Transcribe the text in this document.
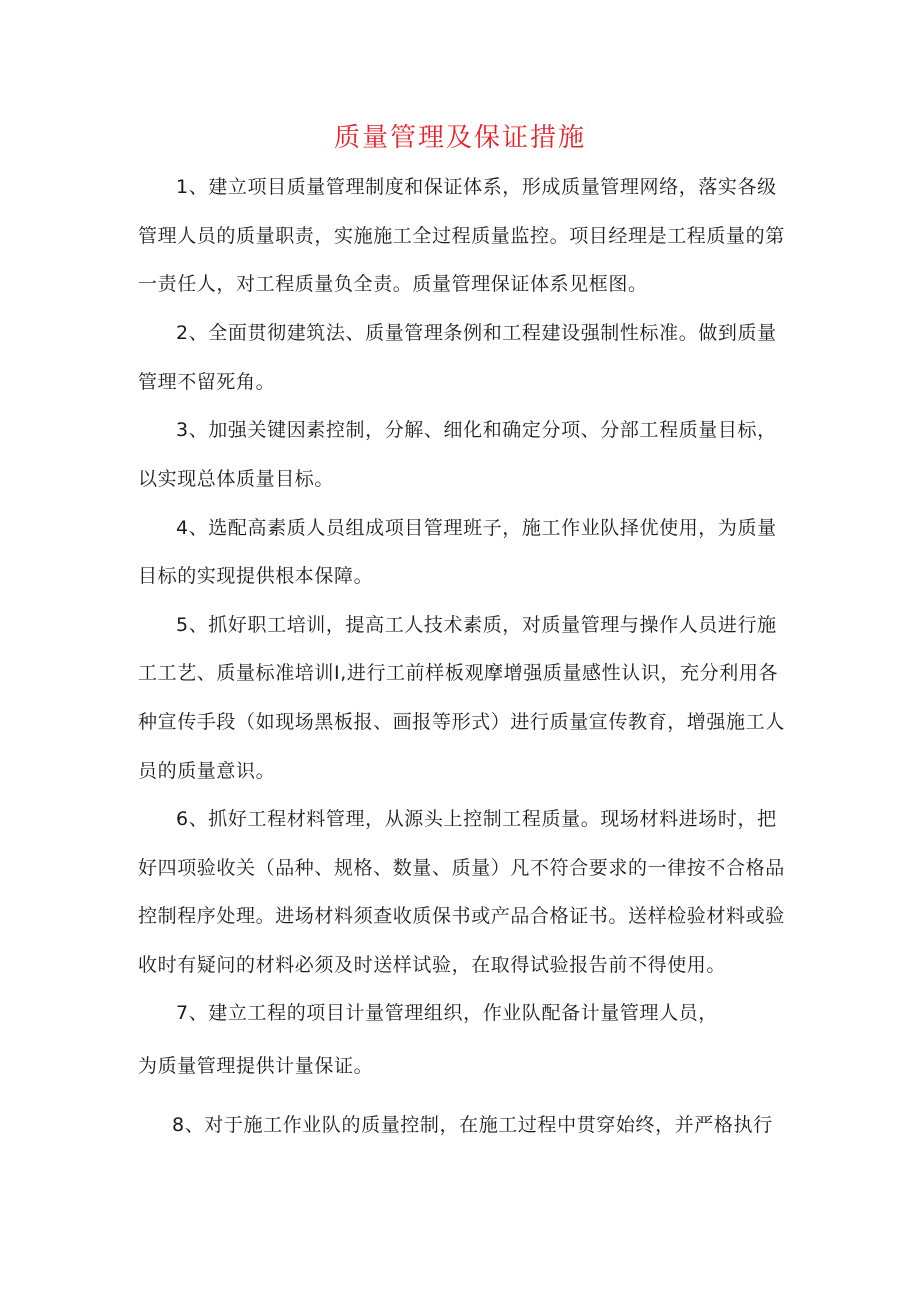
质量管理及保证措施
1、建立项目质量管理制度和保证体系，形成质量管理网络，落实各级
管理人员的质量职责，实施施工全过程质量监控。项目经理是工程质量的第
一责任人，对工程质量负全责。质量管理保证体系见框图。
2、全面贯彻建筑法、质量管理条例和工程建设强制性标准。做到质量
管理不留死角。
3、加强关键因素控制，分解、细化和确定分项、分部工程质量目标，
以实现总体质量目标。
4、选配高素质人员组成项目管理班子，施工作业队择优使用，为质量
目标的实现提供根本保障。
5、抓好职工培训，提高工人技术素质，对质量管理与操作人员进行施
工工艺、质量标准培训I,进行工前样板观摩增强质量感性认识，充分利用各
种宣传手段（如现场黑板报、画报等形式）进行质量宣传教育，增强施工人
员的质量意识。
6、抓好工程材料管理，从源头上控制工程质量。现场材料进场时，把
好四项验收关（品种、规格、数量、质量）凡不符合要求的一律按不合格品
控制程序处理。进场材料须查收质保书或产品合格证书。送样检验材料或验
收时有疑问的材料必须及时送样试验，在取得试验报告前不得使用。
7、建立工程的项目计量管理组织，作业队配备计量管理人员，
为质量管理提供计量保证。
8、对于施工作业队的质量控制，在施工过程中贯穿始终，并严格执行
